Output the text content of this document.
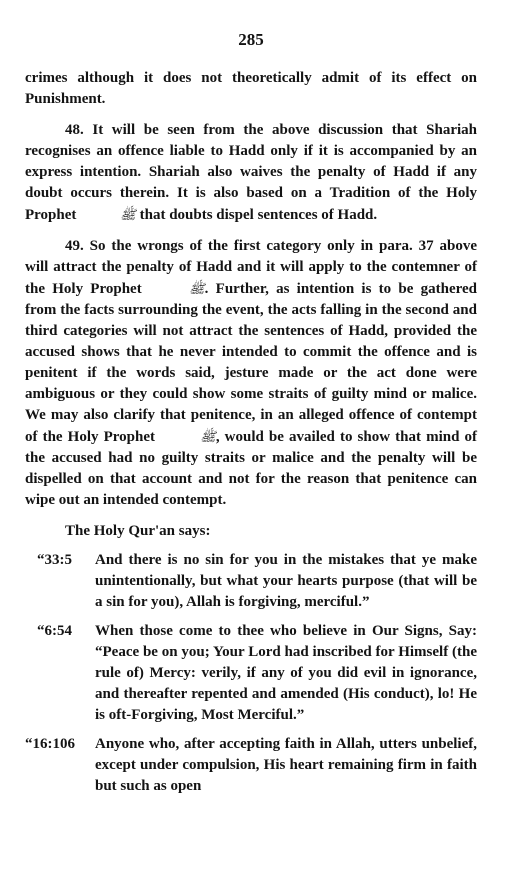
285

crimes although it does not theoretically admit of its effect on Punishment.

48. It will be seen from the above discussion that Shariah recognises an offence liable to Hadd only if it is accompanied by an express intention. Shariah also waives the penalty of Hadd if any doubt occurs therein. It is also based on a Tradition of the Holy Prophet	ﷺ that doubts dispel sentences of Hadd.

49. So the wrongs of the first category only in para. 37 above will attract the penalty of Hadd and it will apply to the contemner of the Holy Prophet	ﷺ. Further, as intention is to be gathered from the facts surrounding the event, the acts falling in the second and third categories will not attract the sentences of Hadd, provided the accused shows that he never intended to commit the offence and is penitent if the words said, jesture made or the act done were ambiguous or they could show some straits of guilty mind or malice. We may also clarify that penitence, in an alleged offence of contempt of the Holy Prophet	ﷺ, would be availed to show that mind of the accused had no guilty straits or malice and the penalty will be dispelled on that account and not for the reason that penitence can wipe out an intended contempt.

The Holy Qur'an says:
“33:5	And there is no sin for you in the mistakes that ye make unintentionally, but what your hearts purpose (that will be a sin for you), Allah is forgiving, merciful.”
“6:54	When those come to thee who believe in Our Signs, Say: “Peace be on you; Your Lord had inscribed for Himself (the rule of) Mercy: verily, if any of you did evil in ignorance, and thereafter repented and amended (His conduct), lo! He is oft-Forgiving, Most Merciful.”
“16:106	Anyone who, after accepting faith in Allah, utters unbelief, except under compulsion, His heart remaining firm in faith but such as open
